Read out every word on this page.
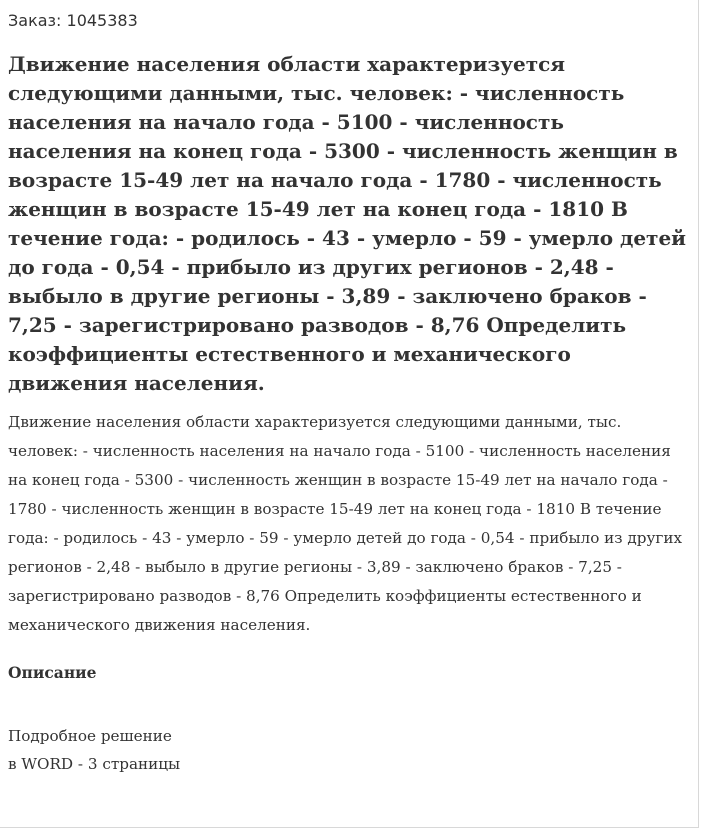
Заказ: 1045383
Движение населения области характеризуется следующими данными, тыс. человек: - численность населения на начало года - 5100 - численность населения на конец года - 5300 - численность женщин в возрасте 15-49 лет на начало года - 1780 - численность женщин в возрасте 15-49 лет на конец года - 1810 В течение года: - родилось - 43 - умерло - 59 - умерло детей до года - 0,54 - прибыло из других регионов - 2,48 - выбыло в другие регионы - 3,89 - заключено браков - 7,25 - зарегистрировано разводов - 8,76 Определить коэффициенты естественного и механического движения населения.

Движение населения области характеризуется следующими данными, тыс. человек: - численность населения на начало года - 5100 - численность населения на конец года - 5300 - численность женщин в возрасте 15-49 лет на начало года - 1780 - численность женщин в возрасте 15-49 лет на конец года - 1810 В течение года: - родилось - 43 - умерло - 59 - умерло детей до года - 0,54 - прибыло из других регионов - 2,48 - выбыло в другие регионы - 3,89 - заключено браков - 7,25 - зарегистрировано разводов - 8,76 Определить коэффициенты естественного и механического движения населения.

Описание
Подробное решение
в WORD - 3 страницы
